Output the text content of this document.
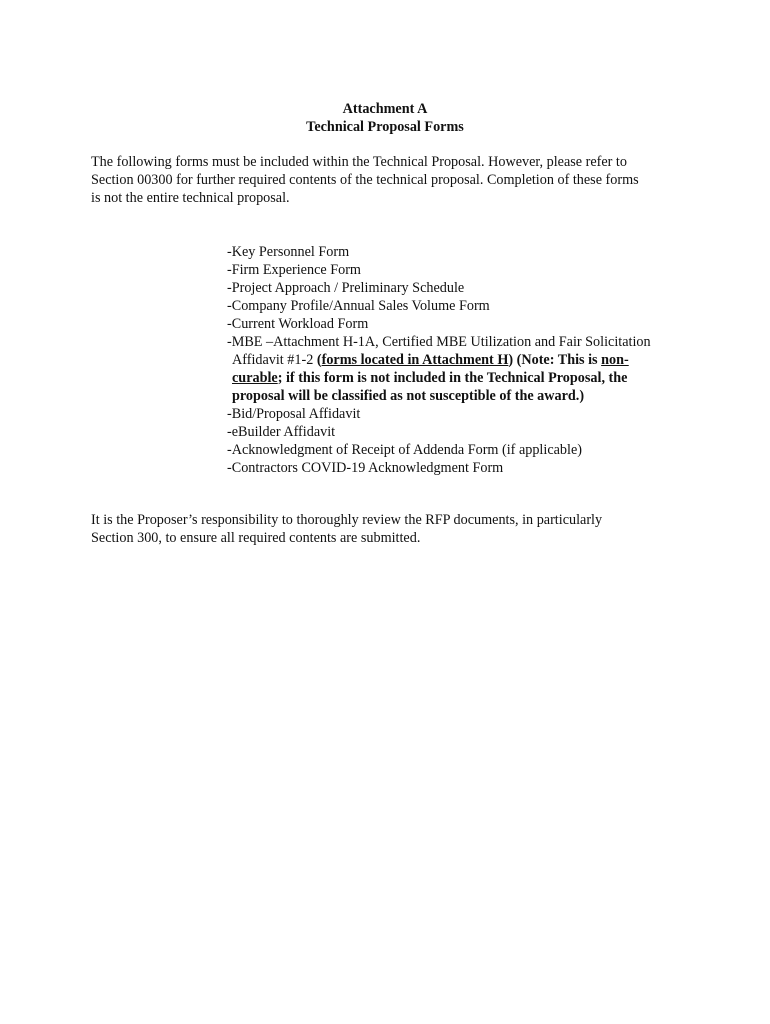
Attachment A
Technical Proposal Forms
The following forms must be included within the Technical Proposal. However, please refer to
Section 00300 for further required contents of the technical proposal. Completion of these forms
is not the entire technical proposal.
-Key Personnel Form
-Firm Experience Form
-Project Approach / Preliminary Schedule
-Company Profile/Annual Sales Volume Form
-Current Workload Form
-MBE –Attachment H-1A, Certified MBE Utilization and Fair Solicitation
Affidavit #1-2 (forms located in Attachment H) (Note: This is non-
curable; if this form is not included in the Technical Proposal, the
proposal will be classified as not susceptible of the award.)
-Bid/Proposal Affidavit
-eBuilder Affidavit
-Acknowledgment of Receipt of Addenda Form (if applicable)
-Contractors COVID-19 Acknowledgment Form
It is the Proposer’s responsibility to thoroughly review the RFP documents, in particularly
Section 300, to ensure all required contents are submitted.
